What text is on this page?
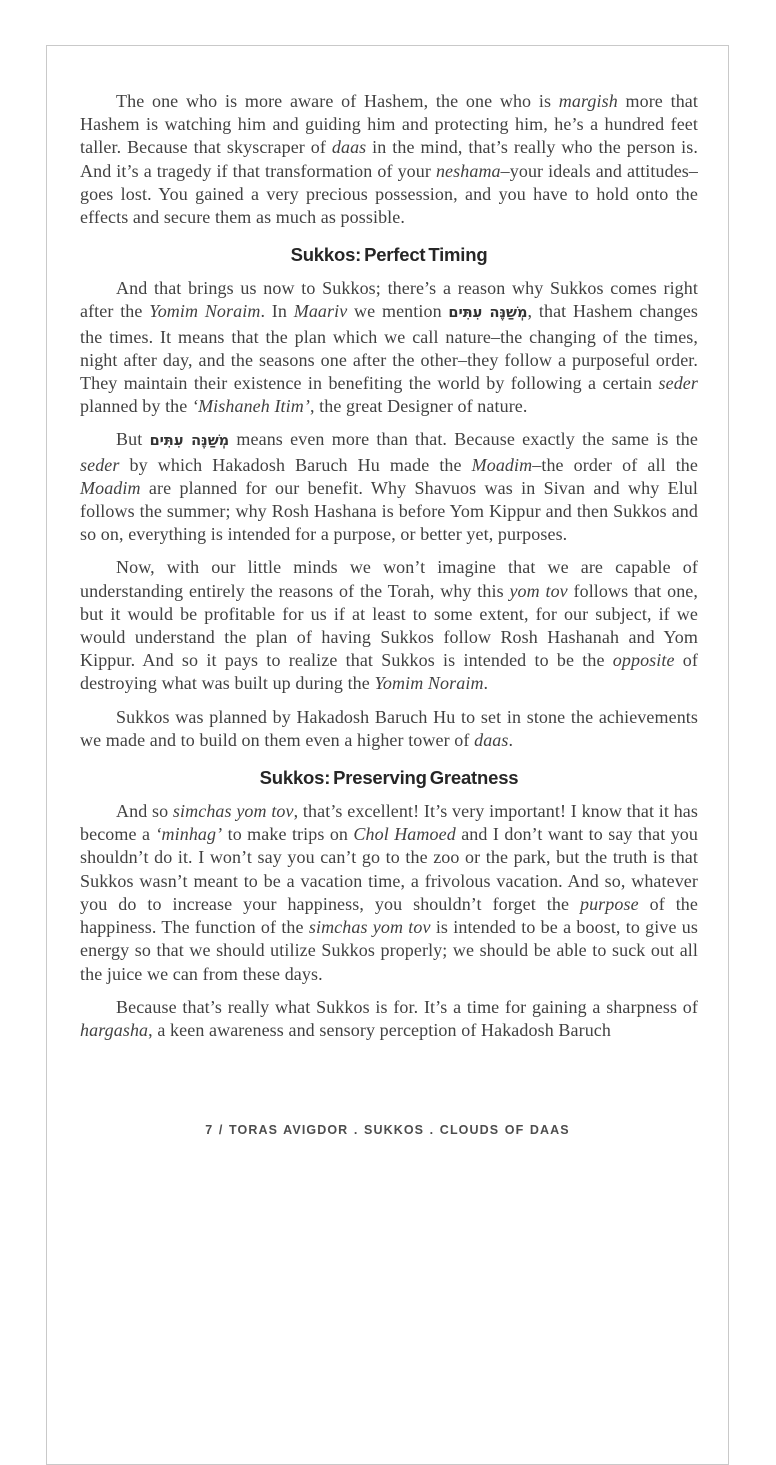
The one who is more aware of Hashem, the one who is margish more that Hashem is watching him and guiding him and protecting him, he’s a hundred feet taller. Because that skyscraper of daas in the mind, that’s really who the person is. And it’s a tragedy if that transformation of your neshama–your ideals and attitudes–goes lost. You gained a very precious possession, and you have to hold onto the effects and secure them as much as possible.

Sukkos: Perfect Timing

And that brings us now to Sukkos; there’s a reason why Sukkos comes right after the Yomim Noraim. In Maariv we mention מְשַׁנֶּה עִתִּים, that Hashem changes the times. It means that the plan which we call nature–the changing of the times, night after day, and the seasons one after the other–they follow a purposeful order. They maintain their existence in benefiting the world by following a certain seder planned by the ‘Mishaneh Itim’, the great Designer of nature.

But מְשַׁנֶּה עִתִּים means even more than that. Because exactly the same is the seder by which Hakadosh Baruch Hu made the Moadim–the order of all the Moadim are planned for our benefit. Why Shavuos was in Sivan and why Elul follows the summer; why Rosh Hashana is before Yom Kippur and then Sukkos and so on, everything is intended for a purpose, or better yet, purposes.

Now, with our little minds we won’t imagine that we are capable of understanding entirely the reasons of the Torah, why this yom tov follows that one, but it would be profitable for us if at least to some extent, for our subject, if we would understand the plan of having Sukkos follow Rosh Hashanah and Yom Kippur. And so it pays to realize that Sukkos is intended to be the opposite of destroying what was built up during the Yomim Noraim.

Sukkos was planned by Hakadosh Baruch Hu to set in stone the achievements we made and to build on them even a higher tower of daas.

Sukkos: Preserving Greatness

And so simchas yom tov, that’s excellent! It’s very important! I know that it has become a ‘minhag’ to make trips on Chol Hamoed and I don’t want to say that you shouldn’t do it. I won’t say you can’t go to the zoo or the park, but the truth is that Sukkos wasn’t meant to be a vacation time, a frivolous vacation. And so, whatever you do to increase your happiness, you shouldn’t forget the purpose of the happiness. The function of the simchas yom tov is intended to be a boost, to give us energy so that we should utilize Sukkos properly; we should be able to suck out all the juice we can from these days.

Because that’s really what Sukkos is for. It’s a time for gaining a sharpness of hargasha, a keen awareness and sensory perception of Hakadosh Baruch

7 / TORAS AVIGDOR . SUKKOS . CLOUDS OF DAAS
